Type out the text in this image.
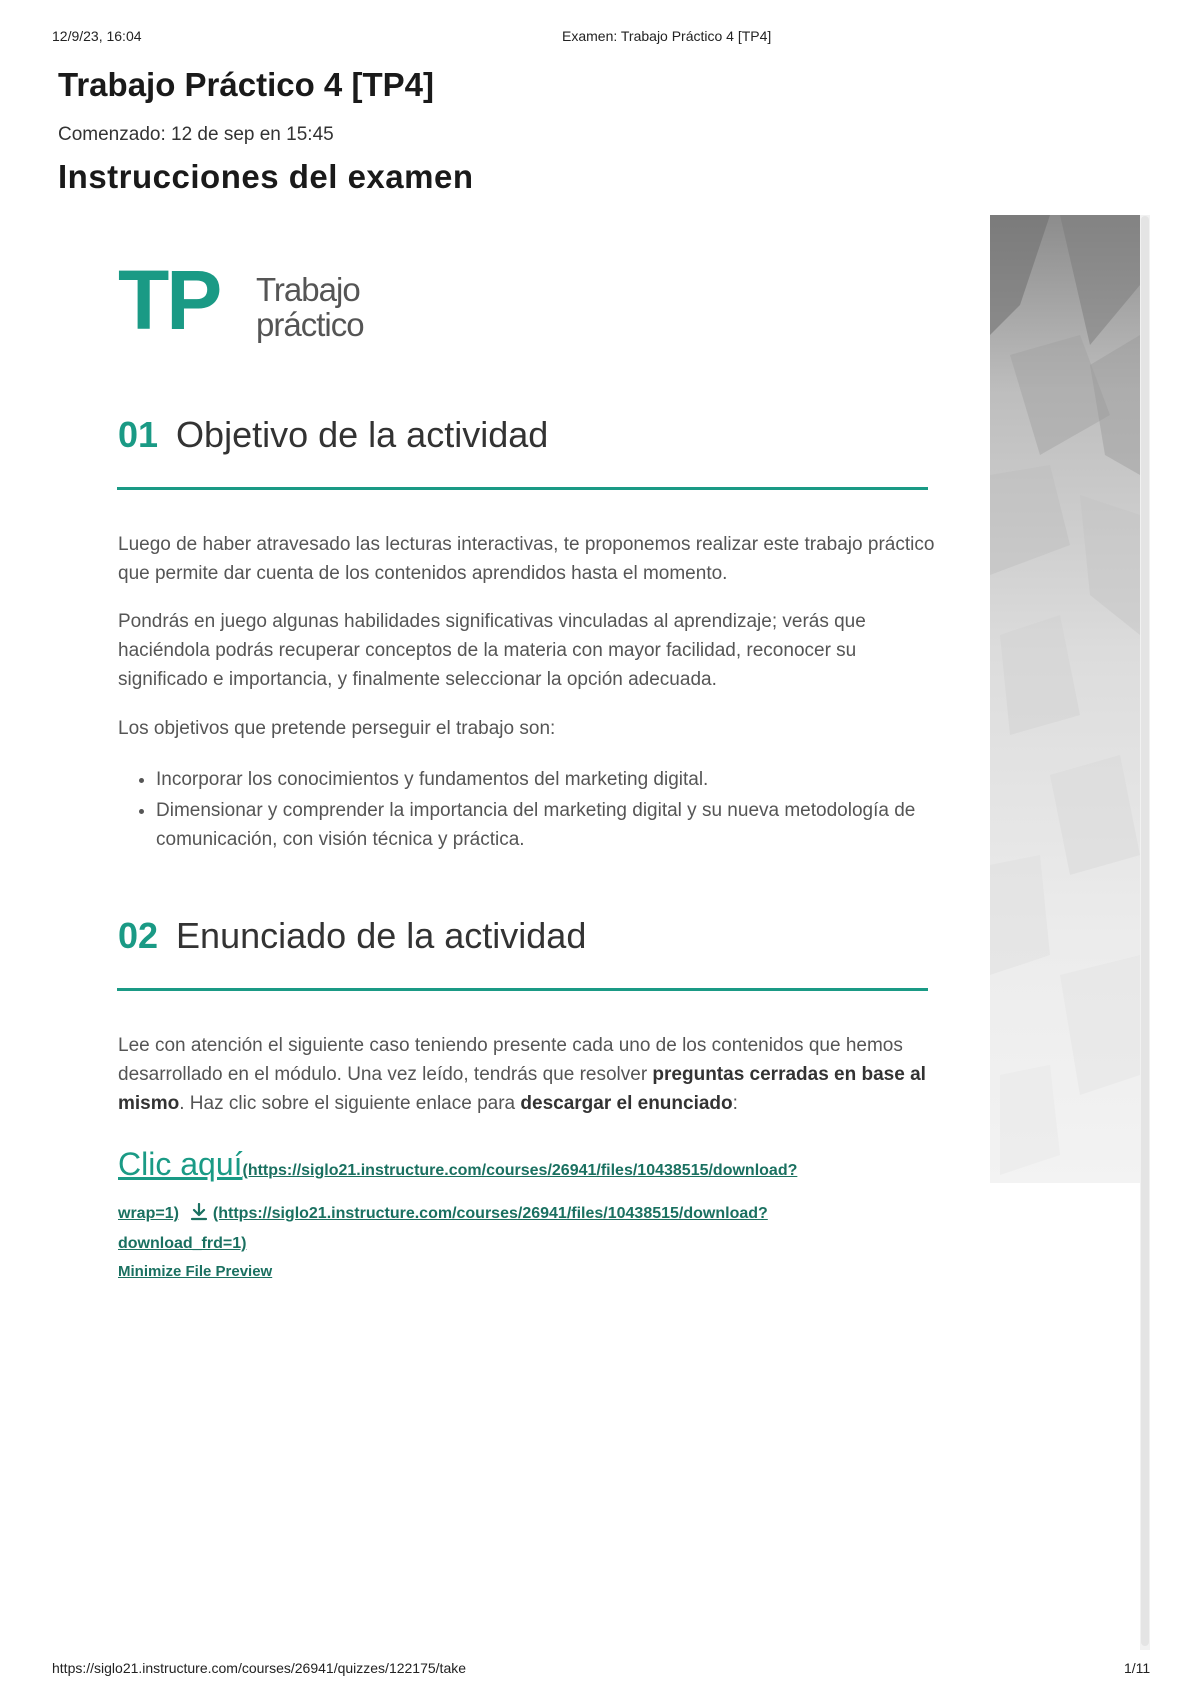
12/9/23, 16:04	Examen: Trabajo Práctico 4 [TP4]
Trabajo Práctico 4 [TP4]
Comenzado: 12 de sep en 15:45
Instrucciones del examen
TP Trabajo
práctico
01 Objetivo de la actividad

Luego de haber atravesado las lecturas interactivas, te proponemos realizar este trabajo práctico que permite dar cuenta de los contenidos aprendidos hasta el momento.

Pondrás en juego algunas habilidades significativas vinculadas al aprendizaje; verás que haciéndola podrás recuperar conceptos de la materia con mayor facilidad, reconocer su significado e importancia, y finalmente seleccionar la opción adecuada.

Los objetivos que pretende perseguir el trabajo son:

• Incorporar los conocimientos y fundamentos del marketing digital.
• Dimensionar y comprender la importancia del marketing digital y su nueva metodología de comunicación, con visión técnica y práctica.
02 Enunciado de la actividad

Lee con atención el siguiente caso teniendo presente cada uno de los contenidos que hemos desarrollado en el módulo. Una vez leído, tendrás que resolver preguntas cerradas en base al mismo. Haz clic sobre el siguiente enlace para descargar el enunciado:

Clic aquí(https://siglo21.instructure.com/courses/26941/files/10438515/download?
wrap=1) (https://siglo21.instructure.com/courses/26941/files/10438515/download?
download_frd=1)
Minimize File Preview
https://siglo21.instructure.com/courses/26941/quizzes/122175/take	1/11
